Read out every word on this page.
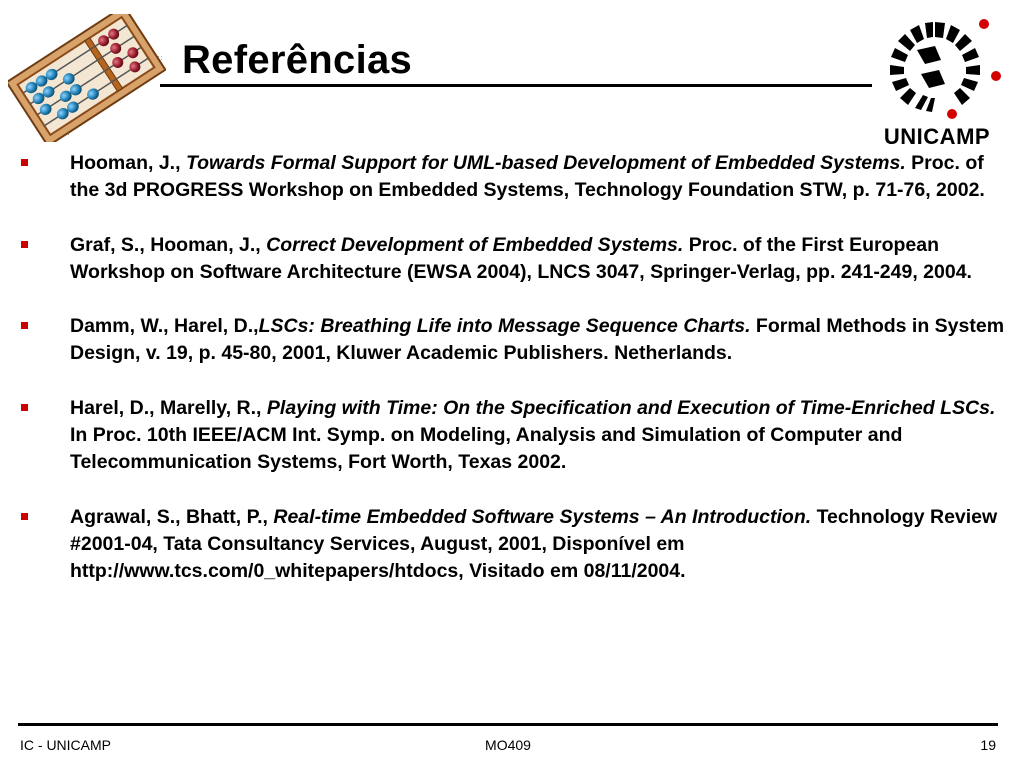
Referências
UNICAMP
Hooman, J., Towards Formal Support for UML-based Development of Embedded Systems. Proc. of the 3d PROGRESS Workshop on Embedded Systems, Technology Foundation STW, p. 71-76, 2002.
Graf, S., Hooman, J., Correct Development of Embedded Systems. Proc. of the First European Workshop on Software Architecture (EWSA 2004), LNCS 3047, Springer-Verlag, pp. 241-249, 2004.
Damm, W., Harel, D.,LSCs: Breathing Life into Message Sequence Charts. Formal Methods in System Design, v. 19, p. 45-80, 2001, Kluwer Academic Publishers. Netherlands.
Harel, D., Marelly, R., Playing with Time: On the Specification and Execution of Time-Enriched LSCs. In Proc. 10th IEEE/ACM Int. Symp. on Modeling, Analysis and Simulation of Computer and Telecommunication Systems, Fort Worth, Texas 2002.
Agrawal, S., Bhatt, P., Real-time Embedded Software Systems – An Introduction. Technology Review #2001-04, Tata Consultancy Services, August, 2001, Disponível em http://www.tcs.com/0_whitepapers/htdocs, Visitado em 08/11/2004.
IC - UNICAMP	MO409	19
